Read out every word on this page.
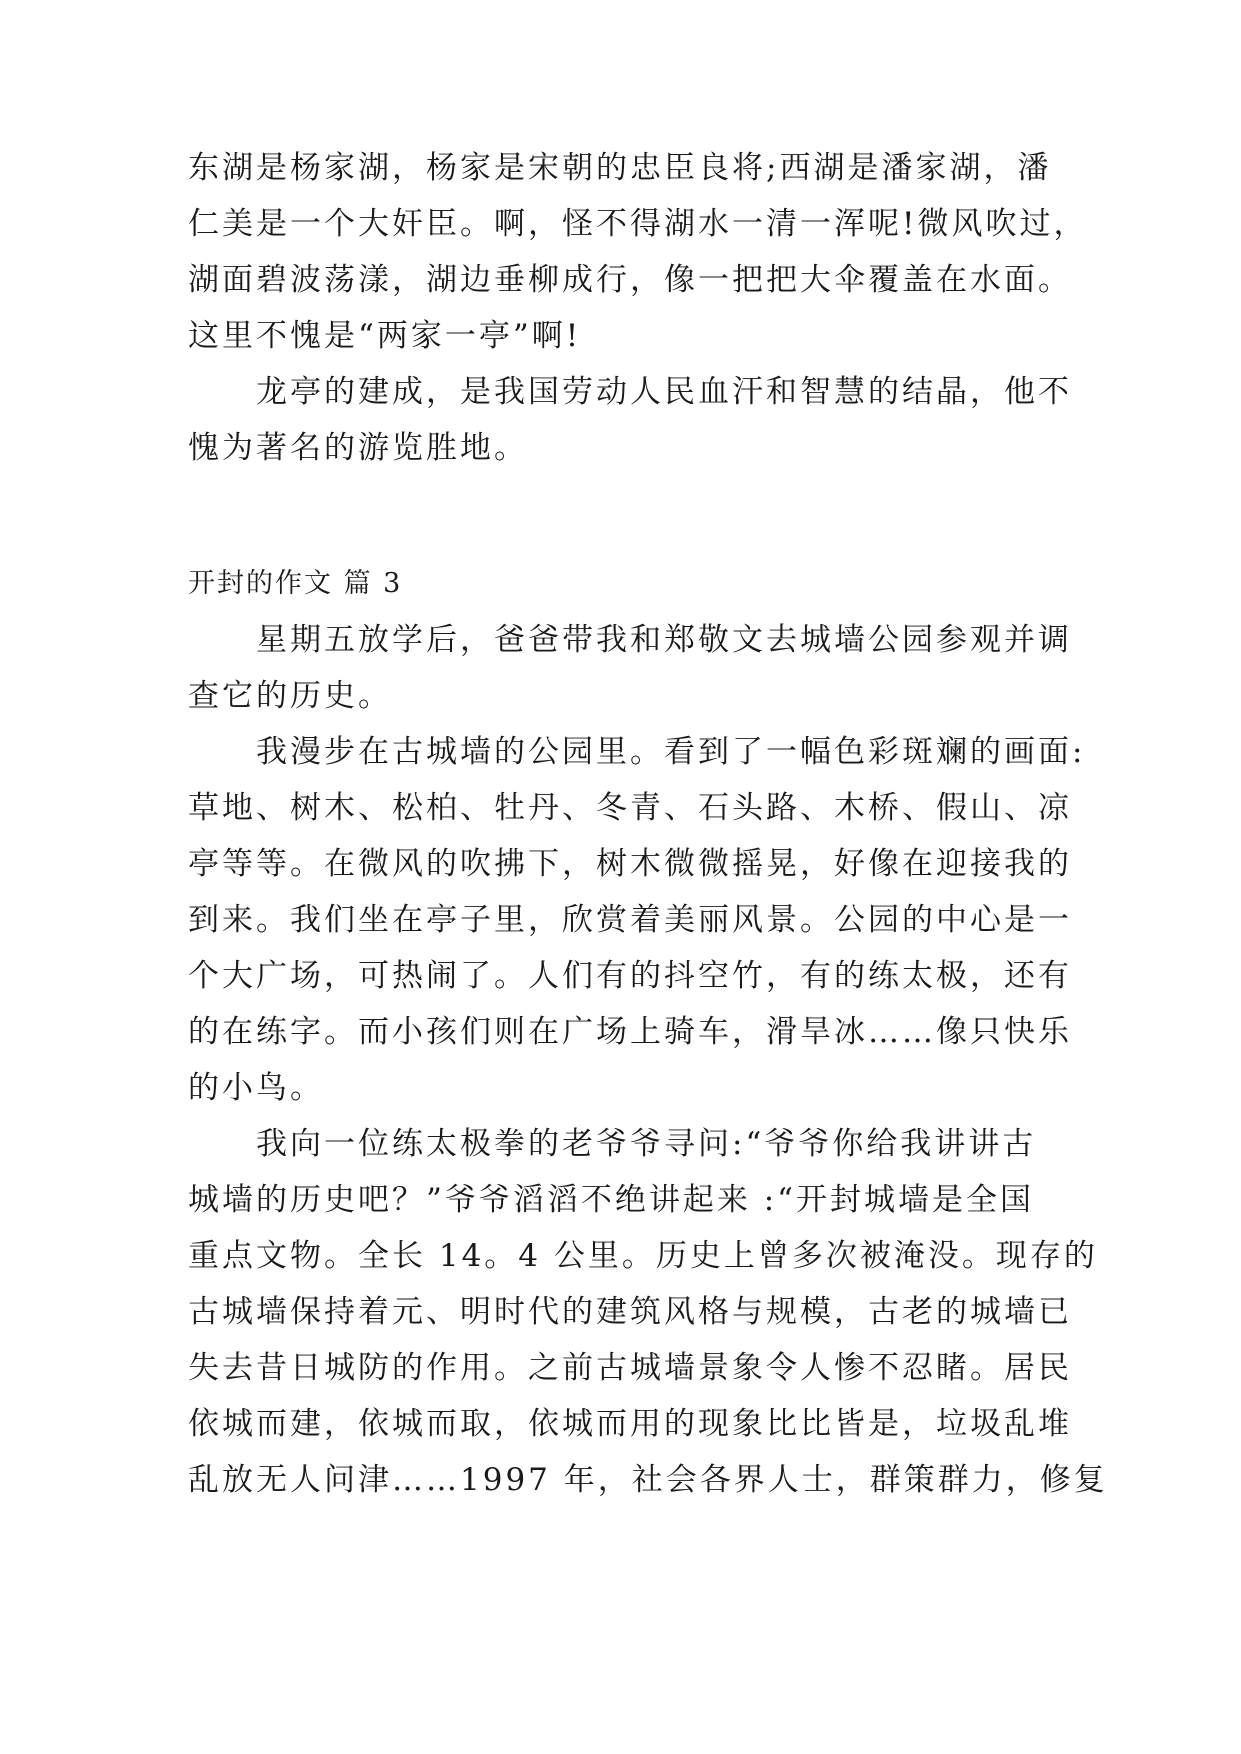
东湖是杨家湖，杨家是宋朝的忠臣良将;西湖是潘家湖，潘
仁美是一个大奸臣。啊，怪不得湖水一清一浑呢!微风吹过，
湖面碧波荡漾，湖边垂柳成行，像一把把大伞覆盖在水面。
这里不愧是“两家一亭”啊!
　　龙亭的建成，是我国劳动人民血汗和智慧的结晶，他不
愧为著名的游览胜地。
开封的作文 篇 3
　　星期五放学后，爸爸带我和郑敬文去城墙公园参观并调
查它的历史。
　　我漫步在古城墙的公园里。看到了一幅色彩斑斓的画面:
草地、树木、松柏、牡丹、冬青、石头路、木桥、假山、凉
亭等等。在微风的吹拂下，树木微微摇晃，好像在迎接我的
到来。我们坐在亭子里，欣赏着美丽风景。公园的中心是一
个大广场，可热闹了。人们有的抖空竹，有的练太极，还有
的在练字。而小孩们则在广场上骑车，滑旱冰……像只快乐
的小鸟。
　　我向一位练太极拳的老爷爷寻问:“爷爷你给我讲讲古
城墙的历史吧？”爷爷滔滔不绝讲起来 :“开封城墙是全国
重点文物。全长 14。4 公里。历史上曾多次被淹没。现存的
古城墙保持着元、明时代的建筑风格与规模，古老的城墙已
失去昔日城防的作用。之前古城墙景象令人惨不忍睹。居民
依城而建，依城而取，依城而用的现象比比皆是，垃圾乱堆
乱放无人问津……1997 年，社会各界人士，群策群力，修复
